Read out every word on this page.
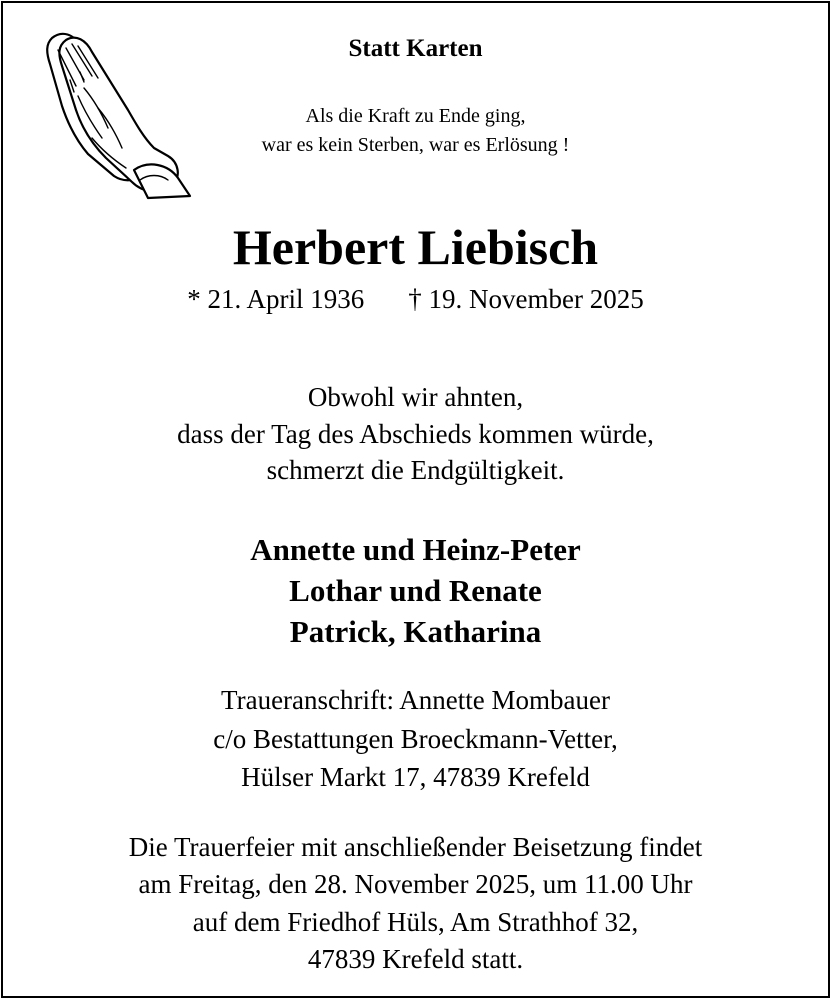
Statt Karten
Als die Kraft zu Ende ging,
war es kein Sterben, war es Erlösung !
Herbert Liebisch
* 21. April 1936 † 19. November 2025
Obwohl wir ahnten,
dass der Tag des Abschieds kommen würde,
schmerzt die Endgültigkeit.
Annette und Heinz-Peter
Lothar und Renate
Patrick, Katharina
Traueranschrift: Annette Mombauer
c/o Bestattungen Broeckmann-Vetter,
Hülser Markt 17, 47839 Krefeld
Die Trauerfeier mit anschließender Beisetzung findet
am Freitag, den 28. November 2025, um 11.00 Uhr
auf dem Friedhof Hüls, Am Strathhof 32,
47839 Krefeld statt.
